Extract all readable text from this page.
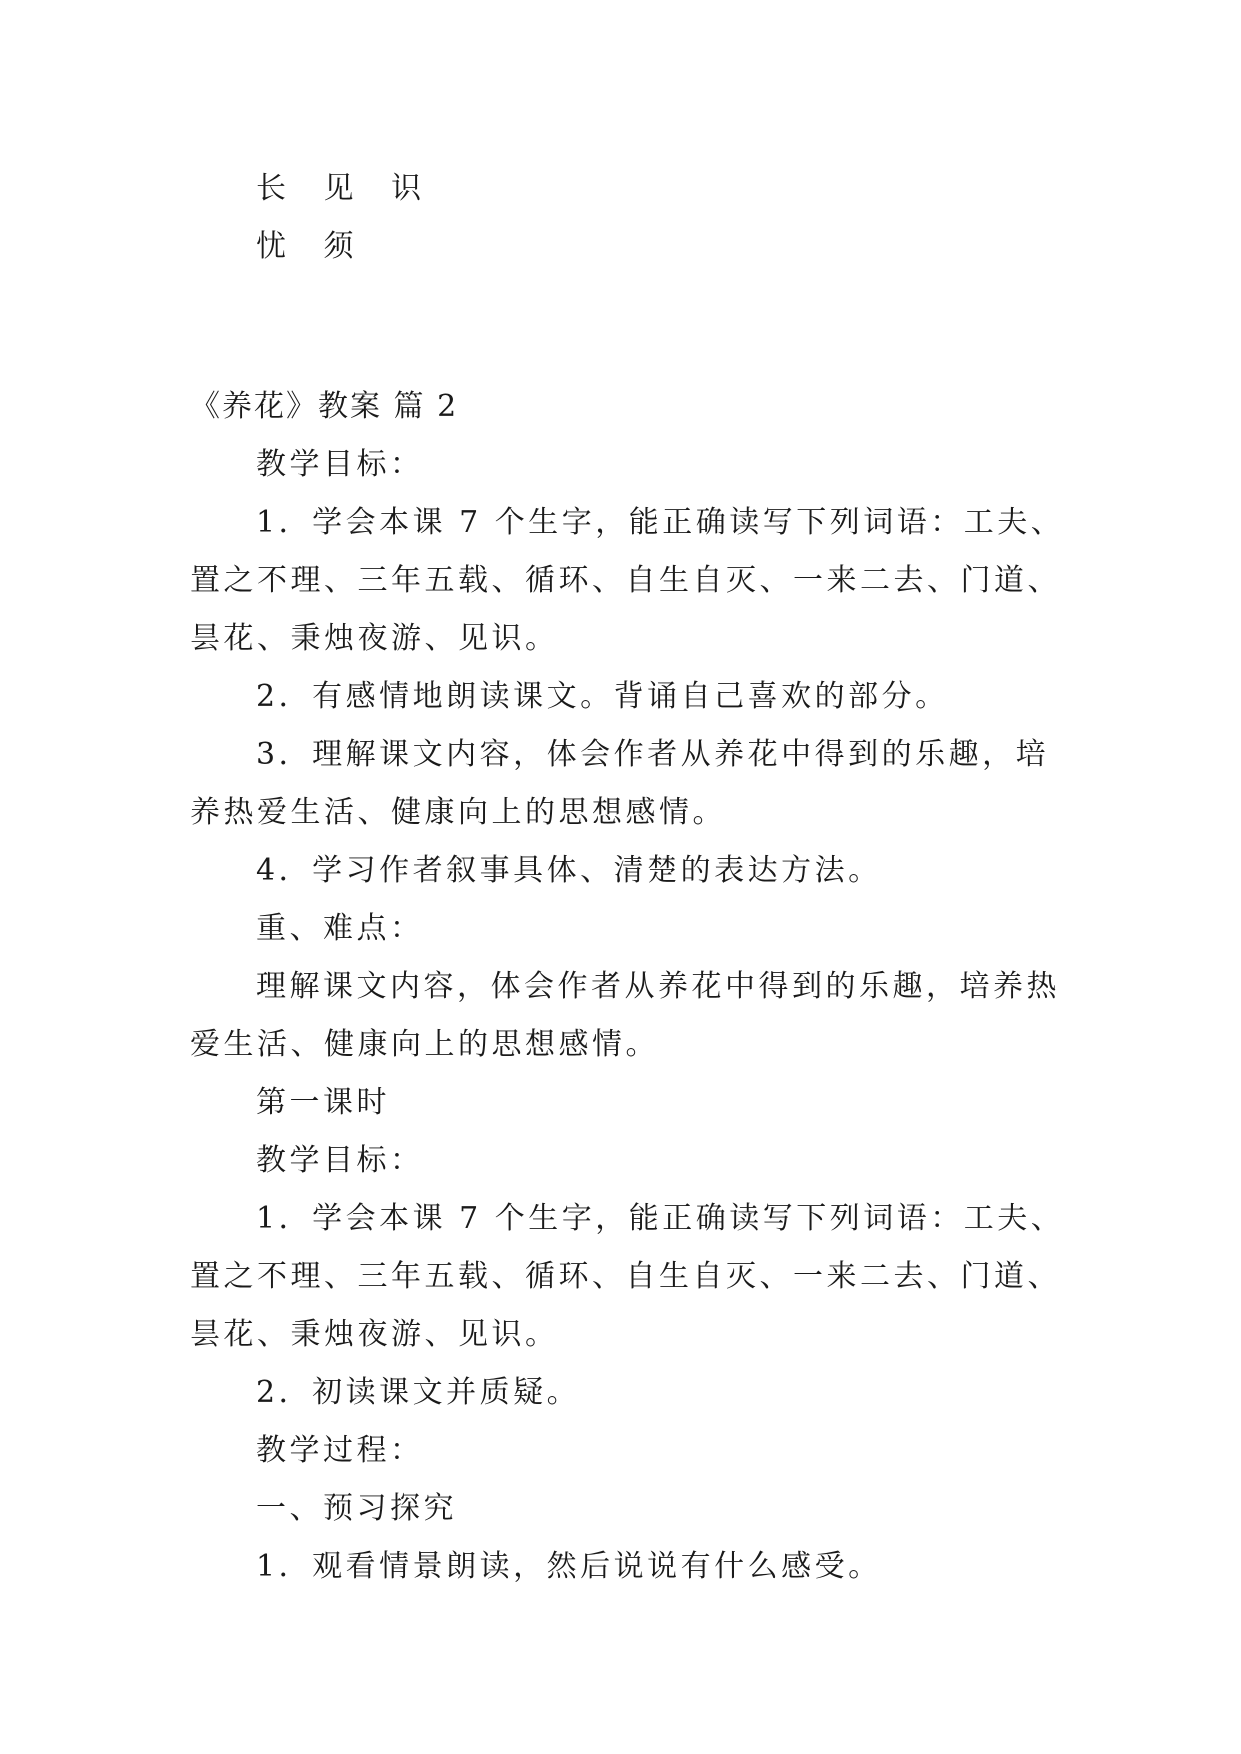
长 见 识

忧 须

《养花》教案 篇 2

教学目标：

1．学会本课 7 个生字，能正确读写下列词语：工夫、

置之不理、三年五载、循环、自生自灭、一来二去、门道、

昙花、秉烛夜游、见识。

2．有感情地朗读课文。背诵自己喜欢的部分。

3．理解课文内容，体会作者从养花中得到的乐趣，培

养热爱生活、健康向上的思想感情。

4．学习作者叙事具体、清楚的表达方法。

重、难点：

理解课文内容，体会作者从养花中得到的乐趣，培养热

爱生活、健康向上的思想感情。

第一课时

教学目标：

1．学会本课 7 个生字，能正确读写下列词语：工夫、

置之不理、三年五载、循环、自生自灭、一来二去、门道、

昙花、秉烛夜游、见识。

2．初读课文并质疑。

教学过程：

一、预习探究

1．观看情景朗读，然后说说有什么感受。
